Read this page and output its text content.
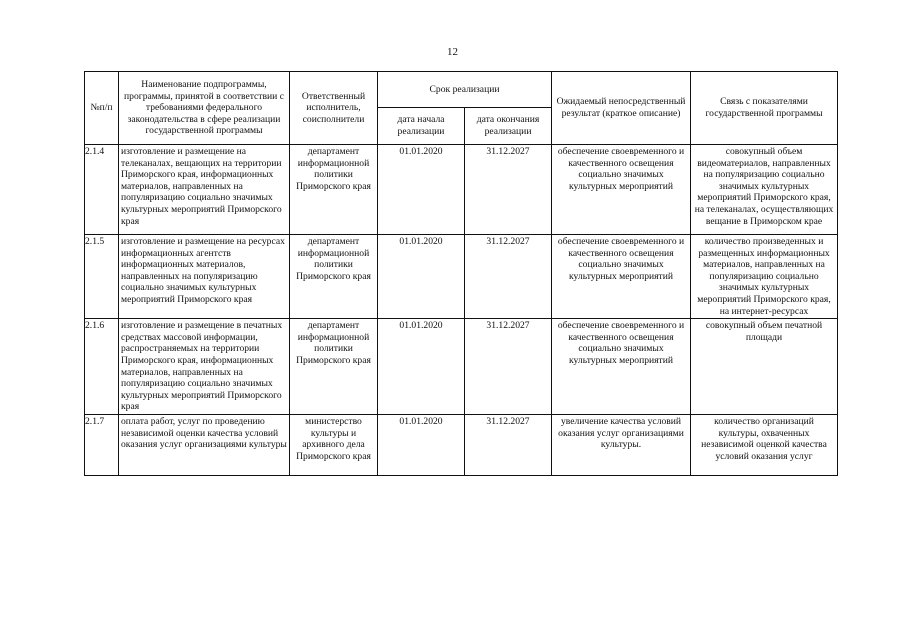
12
№п/п	Наименование подпрограммы, программы, принятой в соответствии с требованиями федерального законодательства в сфере реализации государственной программы	Ответственный исполнитель, соисполнители	Срок реализации		Ожидаемый непосредственный результат (краткое описание)	Связь с показателями государственной программы
			дата начала реализации	дата окончания реализации		
2.1.4	изготовление и размещение на телеканалах, вещающих на территории Приморского края, информационных материалов, направленных на популяризацию социально значимых культурных мероприятий Приморского края	департамент информационной политики Приморского края	01.01.2020	31.12.2027	обеспечение своевременного и качественного освещения социально значимых культурных мероприятий	совокупный объем видеоматериалов, направленных на популяризацию социально значимых культурных мероприятий Приморского края, на телеканалах, осуществляющих вещание в Приморском крае
2.1.5	изготовление и размещение на ресурсах информационных агентств информационных материалов, направленных на популяризацию социально значимых культурных мероприятий Приморского края	департамент информационной политики Приморского края	01.01.2020	31.12.2027	обеспечение своевременного и качественного освещения социально значимых культурных мероприятий	количество произведенных и размещенных информационных материалов, направленных на популяризацию социально значимых культурных мероприятий Приморского края, на интернет-ресурсах
2.1.6	изготовление и размещение в печатных средствах массовой информации, распространяемых на территории Приморского края, информационных материалов, направленных на популяризацию социально значимых культурных мероприятий Приморского края	департамент информационной политики Приморского края	01.01.2020	31.12.2027	обеспечение своевременного и качественного освещения социально значимых культурных мероприятий	совокупный объем печатной площади
2.1.7	оплата работ, услуг по проведению независимой оценки качества условий оказания услуг организациями культуры	министерство культуры и архивного дела Приморского края	01.01.2020	31.12.2027	увеличение качества условий оказания услуг организациями культуры.	количество организаций культуры, охваченных независимой оценкой качества условий оказания услуг
